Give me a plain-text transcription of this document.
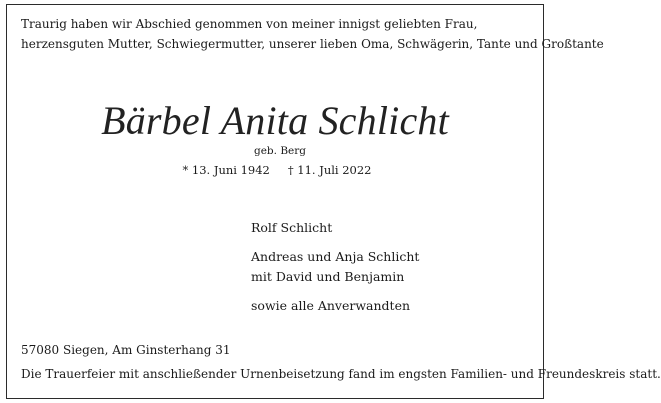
Traurig haben wir Abschied genommen von meiner innigst geliebten Frau,
herzensguten Mutter, Schwiegermutter, unserer lieben Oma, Schwägerin, Tante und Großtante
Bärbel Anita Schlicht
geb. Berg
* 13. Juni 1942 † 11. Juli 2022
Rolf Schlicht
Andreas und Anja Schlicht
mit David und Benjamin
sowie alle Anverwandten
57080 Siegen, Am Ginsterhang 31
Die Trauerfeier mit anschließender Urnenbeisetzung fand im engsten Familien- und Freundeskreis statt.
